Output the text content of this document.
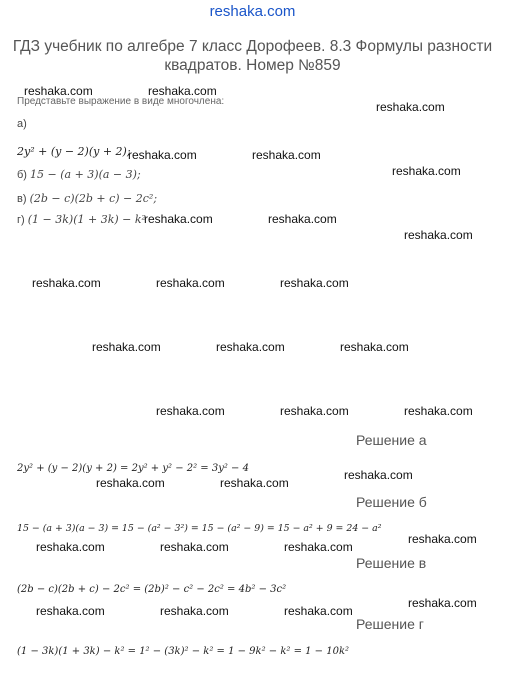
reshaka.com
ГДЗ учебник по алгебре 7 класс Дорофеев. 8.3 Формулы разности квадратов. Номер №859
Представьте выражение в виде многочлена:
а)
2y² + (y − 2)(y + 2);
б) 15 − (a + 3)(a − 3);
в) (2b − c)(2b + c) − 2c²;
г) (1 − 3k)(1 + 3k) − k²
Решение а
2y² + (y − 2)(y + 2) = 2y² + y² − 2² = 3y² − 4
Решение б
15 − (a + 3)(a − 3) = 15 − (a² − 3²) = 15 − (a² − 9) = 15 − a² + 9 = 24 − a²
Решение в
(2b − c)(2b + c) − 2c² = (2b)² − c² − 2c² = 4b² − 3c²
Решение г
(1 − 3k)(1 + 3k) − k² = 1² − (3k)² − k² = 1 − 9k² − k² = 1 − 10k²
reshaka.com	reshaka.com
reshaka.com
reshaka.com	reshaka.com
reshaka.com
reshaka.com	reshaka.com
reshaka.com
reshaka.com	reshaka.com	reshaka.com
reshaka.com	reshaka.com	reshaka.com
reshaka.com	reshaka.com	reshaka.com
reshaka.com
reshaka.com	reshaka.com
reshaka.com
reshaka.com	reshaka.com	reshaka.com
reshaka.com
reshaka.com	reshaka.com	reshaka.com
